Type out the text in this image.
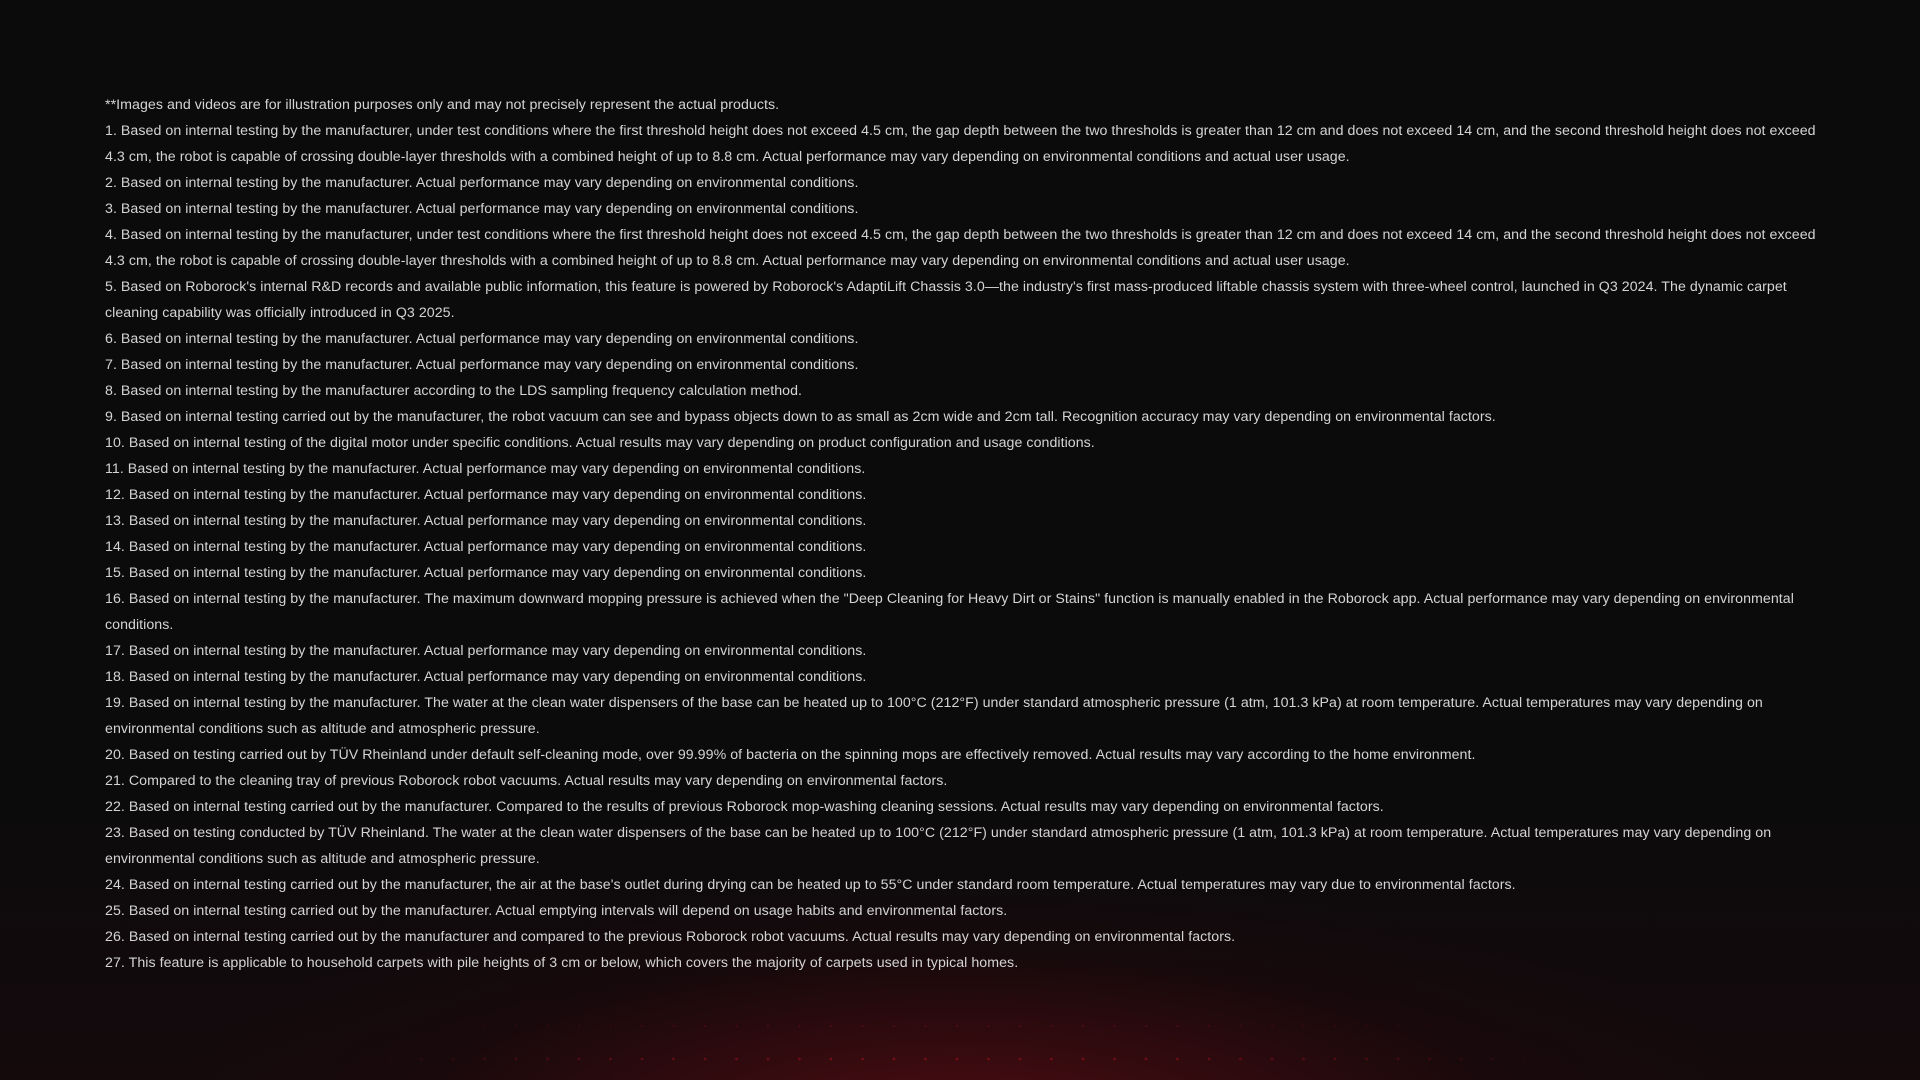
**Images and videos are for illustration purposes only and may not precisely represent the actual products.

1. Based on internal testing by the manufacturer, under test conditions where the first threshold height does not exceed 4.5 cm, the gap depth between the two thresholds is greater than 12 cm and does not exceed 14 cm, and the second threshold height does not exceed 4.3 cm, the robot is capable of crossing double-layer thresholds with a combined height of up to 8.8 cm. Actual performance may vary depending on environmental conditions and actual user usage.

2. Based on internal testing by the manufacturer. Actual performance may vary depending on environmental conditions.

3. Based on internal testing by the manufacturer. Actual performance may vary depending on environmental conditions.

4. Based on internal testing by the manufacturer, under test conditions where the first threshold height does not exceed 4.5 cm, the gap depth between the two thresholds is greater than 12 cm and does not exceed 14 cm, and the second threshold height does not exceed 4.3 cm, the robot is capable of crossing double-layer thresholds with a combined height of up to 8.8 cm. Actual performance may vary depending on environmental conditions and actual user usage.

5. Based on Roborock's internal R&D records and available public information, this feature is powered by Roborock's AdaptiLift Chassis 3.0—the industry's first mass-produced liftable chassis system with three-wheel control, launched in Q3 2024. The dynamic carpet cleaning capability was officially introduced in Q3 2025.

6. Based on internal testing by the manufacturer. Actual performance may vary depending on environmental conditions.

7. Based on internal testing by the manufacturer. Actual performance may vary depending on environmental conditions.

8. Based on internal testing by the manufacturer according to the LDS sampling frequency calculation method.

9. Based on internal testing carried out by the manufacturer, the robot vacuum can see and bypass objects down to as small as 2cm wide and 2cm tall. Recognition accuracy may vary depending on environmental factors.

10. Based on internal testing of the digital motor under specific conditions. Actual results may vary depending on product configuration and usage conditions.

11. Based on internal testing by the manufacturer. Actual performance may vary depending on environmental conditions.

12. Based on internal testing by the manufacturer. Actual performance may vary depending on environmental conditions.

13. Based on internal testing by the manufacturer. Actual performance may vary depending on environmental conditions.

14. Based on internal testing by the manufacturer. Actual performance may vary depending on environmental conditions.

15. Based on internal testing by the manufacturer. Actual performance may vary depending on environmental conditions.

16. Based on internal testing by the manufacturer. The maximum downward mopping pressure is achieved when the "Deep Cleaning for Heavy Dirt or Stains" function is manually enabled in the Roborock app. Actual performance may vary depending on environmental conditions.

17. Based on internal testing by the manufacturer. Actual performance may vary depending on environmental conditions.

18. Based on internal testing by the manufacturer. Actual performance may vary depending on environmental conditions.

19. Based on internal testing by the manufacturer. The water at the clean water dispensers of the base can be heated up to 100°C (212°F) under standard atmospheric pressure (1 atm, 101.3 kPa) at room temperature. Actual temperatures may vary depending on environmental conditions such as altitude and atmospheric pressure.

20. Based on testing carried out by TÜV Rheinland under default self-cleaning mode, over 99.99% of bacteria on the spinning mops are effectively removed. Actual results may vary according to the home environment.

21. Compared to the cleaning tray of previous Roborock robot vacuums. Actual results may vary depending on environmental factors.

22. Based on internal testing carried out by the manufacturer. Compared to the results of previous Roborock mop-washing cleaning sessions. Actual results may vary depending on environmental factors.

23. Based on testing conducted by TÜV Rheinland. The water at the clean water dispensers of the base can be heated up to 100°C (212°F) under standard atmospheric pressure (1 atm, 101.3 kPa) at room temperature. Actual temperatures may vary depending on environmental conditions such as altitude and atmospheric pressure.

24. Based on internal testing carried out by the manufacturer, the air at the base's outlet during drying can be heated up to 55°C under standard room temperature. Actual temperatures may vary due to environmental factors.

25. Based on internal testing carried out by the manufacturer. Actual emptying intervals will depend on usage habits and environmental factors.

26. Based on internal testing carried out by the manufacturer and compared to the previous Roborock robot vacuums. Actual results may vary depending on environmental factors.

27. This feature is applicable to household carpets with pile heights of 3 cm or below, which covers the majority of carpets used in typical homes.
